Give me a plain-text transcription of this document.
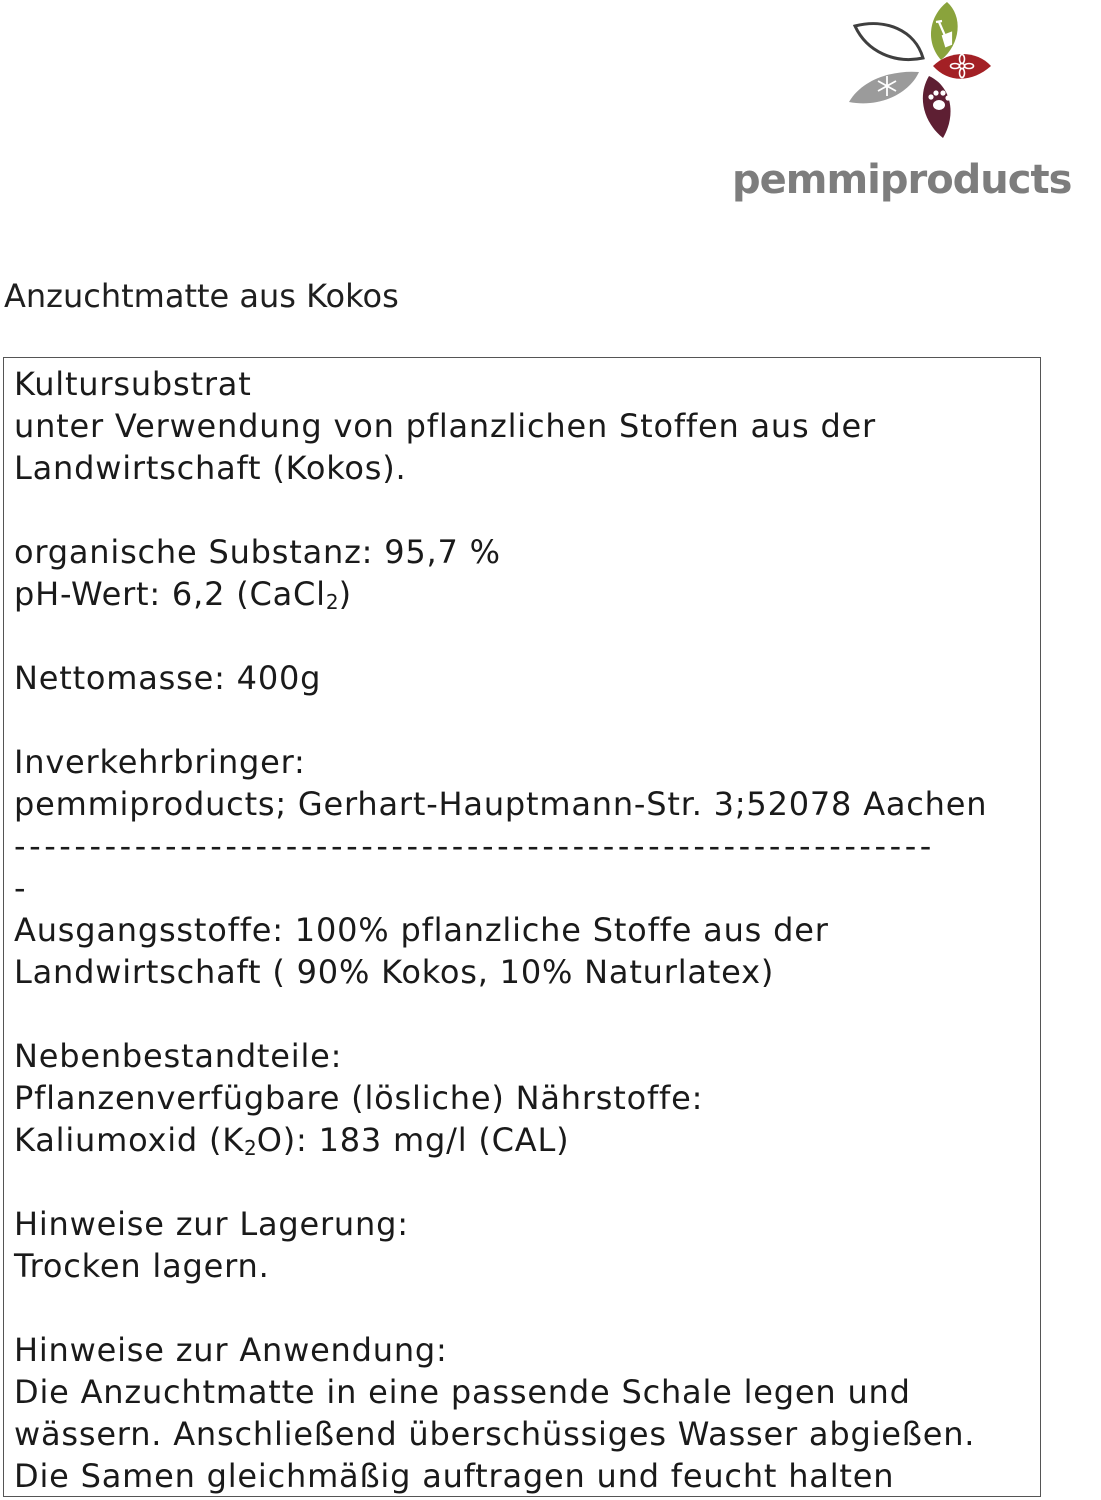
pemmiproducts
Anzuchtmatte aus Kokos
Kultursubstrat
unter Verwendung von pflanzlichen Stoffen aus der
Landwirtschaft (Kokos).
organische Substanz: 95,7 %
pH-Wert: 6,2 (CaCl$_2$)
Nettomasse: 400g
Inverkehrbringer:
pemmiproducts; Gerhart-Hauptmann-Str. 3;52078 Aachen
-------------------------------------------------------------
-
Ausgangsstoffe: 100% pflanzliche Stoffe aus der
Landwirtschaft ( 90% Kokos, 10% Naturlatex)
Nebenbestandteile:
Pflanzenverfügbare (lösliche) Nährstoffe:
Kaliumoxid $(K_2O)$: 183 mg/l (CAL)
Hinweise zur Lagerung:
Trocken lagern.
Hinweise zur Anwendung:
Die Anzuchtmatte in eine passende Schale legen und
wässern. Anschließend überschüssiges Wasser abgießen.
Die Samen gleichmäßig auftragen und feucht halten
